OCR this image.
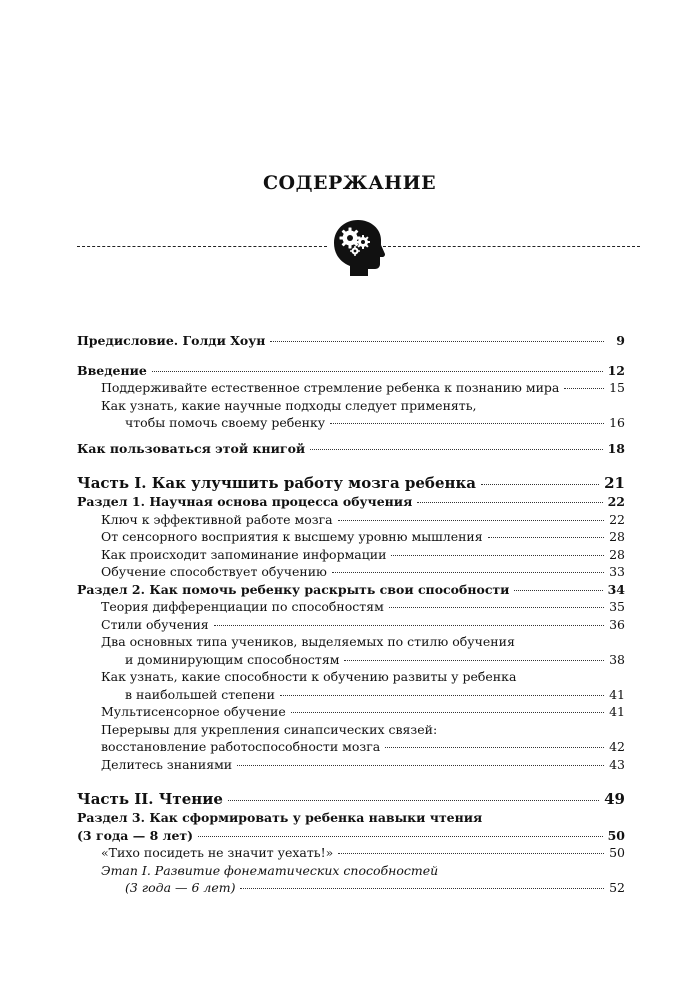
СОДЕРЖАНИЕ
Предисловие. Голди Хоун	9
Введение	12
Поддерживайте естественное стремление ребенка к познанию мира	15
Как узнать, какие научные подходы следует применять,
чтобы помочь своему ребенку	16
Как пользоваться этой книгой	18
Часть I. Как улучшить работу мозга ребенка	21
Раздел 1. Научная основа процесса обучения	22
Ключ к эффективной работе мозга	22
От сенсорного восприятия к высшему уровню мышления	28
Как происходит запоминание информации	28
Обучение способствует обучению	33
Раздел 2. Как помочь ребенку раскрыть свои способности	34
Теория дифференциации по способностям	35
Стили обучения	36
Два основных типа учеников, выделяемых по стилю обучения
и доминирующим способностям	38
Как узнать, какие способности к обучению развиты у ребенка
в наибольшей степени	41
Мультисенсорное обучение	41
Перерывы для укрепления синапсических связей:
восстановление работоспособности мозга	42
Делитесь знаниями	43
Часть II. Чтение	49
Раздел 3. Как сформировать у ребенка навыки чтения
(3 года — 8 лет)	50
«Тихо посидеть не значит уехать!»	50
Этап I. Развитие фонематических способностей
(3 года — 6 лет)	52
